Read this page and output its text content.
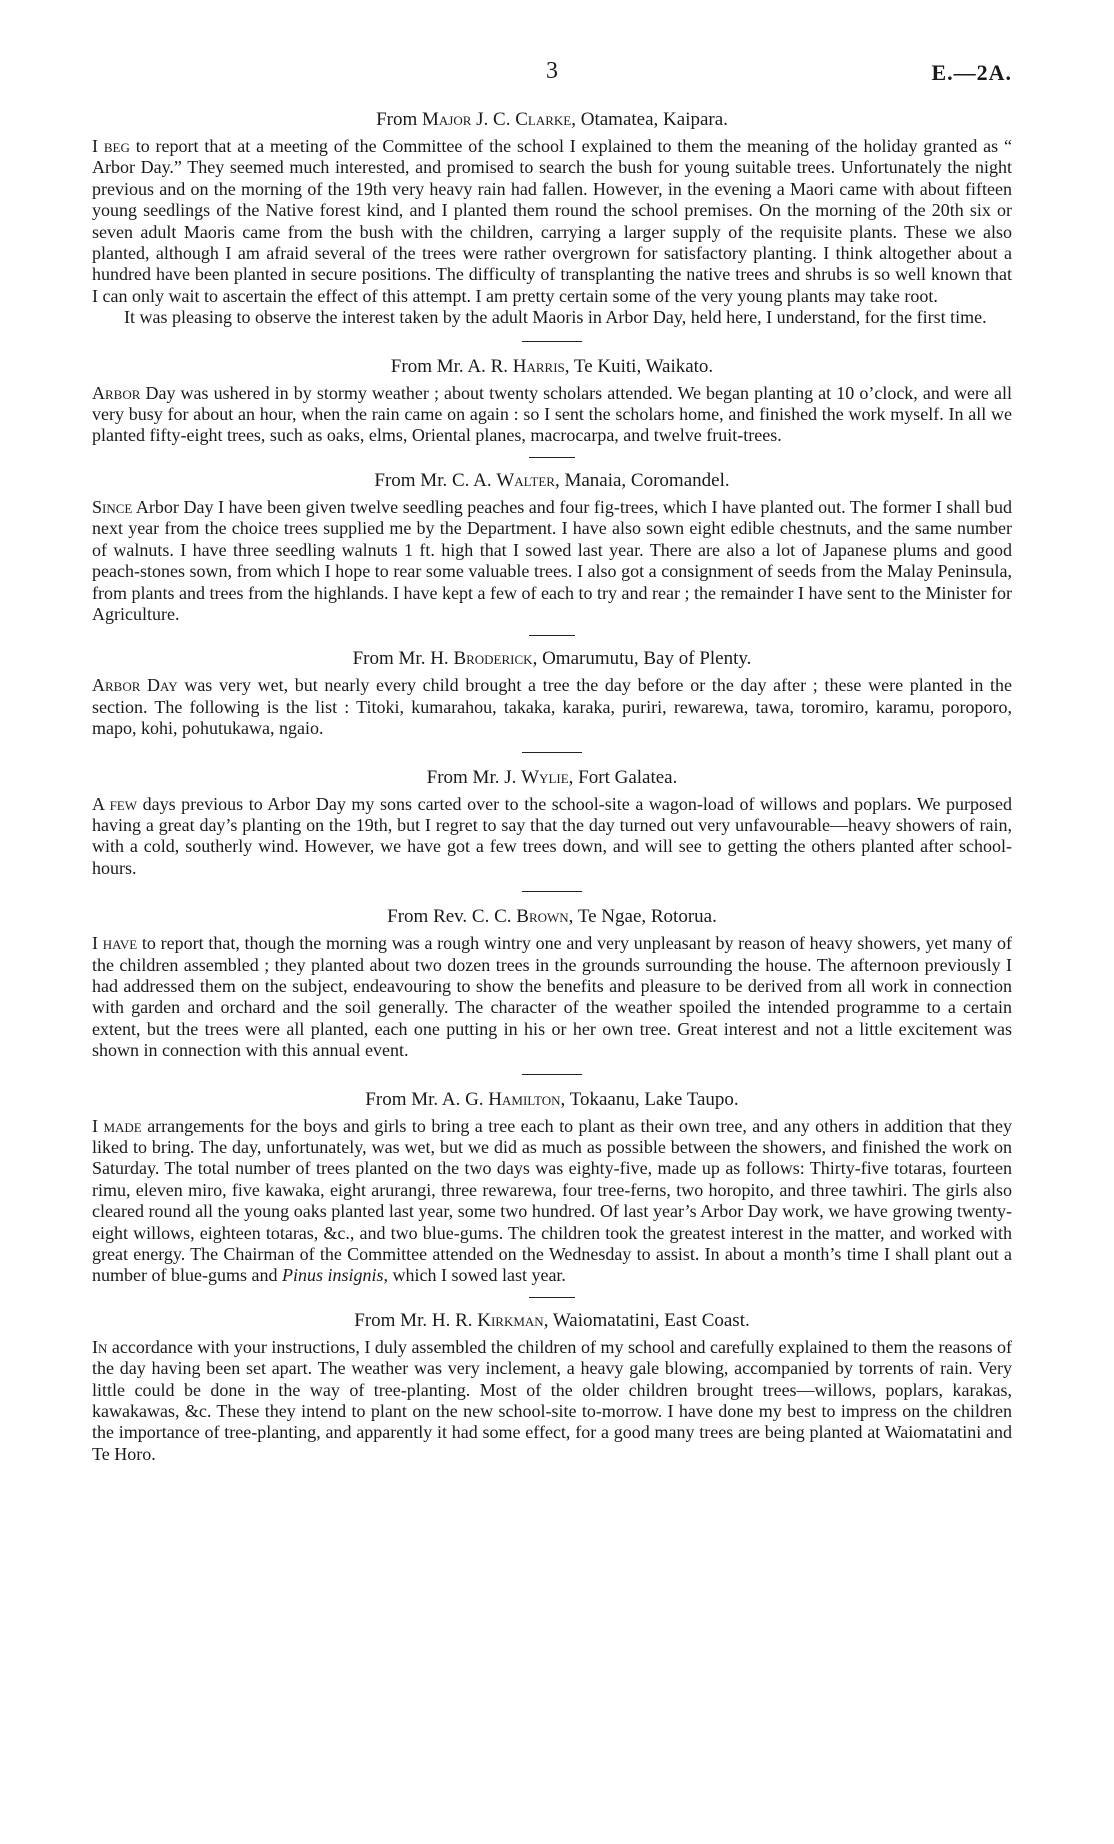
3	E.—2A.
From Major J. C. Clarke, Otamatea, Kaipara.

I beg to report that at a meeting of the Committee of the school I explained to them the meaning of the holiday granted as “ Arbor Day.” They seemed much interested, and promised to search the bush for young suitable trees. Unfortunately the night previous and on the morning of the 19th very heavy rain had fallen. However, in the evening a Maori came with about fifteen young seedlings of the Native forest kind, and I planted them round the school premises. On the morning of the 20th six or seven adult Maoris came from the bush with the children, carrying a larger supply of the requisite plants. These we also planted, although I am afraid several of the trees were rather overgrown for satisfactory planting. I think altogether about a hundred have been planted in secure positions. The difficulty of transplanting the native trees and shrubs is so well known that I can only wait to ascertain the effect of this attempt. I am pretty certain some of the very young plants may take root.

It was pleasing to observe the interest taken by the adult Maoris in Arbor Day, held here, I understand, for the first time.

From Mr. A. R. Harris, Te Kuiti, Waikato.

Arbor Day was ushered in by stormy weather ; about twenty scholars attended. We began planting at 10 o’clock, and were all very busy for about an hour, when the rain came on again : so I sent the scholars home, and finished the work myself. In all we planted fifty-eight trees, such as oaks, elms, Oriental planes, macrocarpa, and twelve fruit-trees.

From Mr. C. A. Walter, Manaia, Coromandel.

Since Arbor Day I have been given twelve seedling peaches and four fig-trees, which I have planted out. The former I shall bud next year from the choice trees supplied me by the Department. I have also sown eight edible chestnuts, and the same number of walnuts. I have three seedling walnuts 1 ft. high that I sowed last year. There are also a lot of Japanese plums and good peach-stones sown, from which I hope to rear some valuable trees. I also got a consignment of seeds from the Malay Peninsula, from plants and trees from the highlands. I have kept a few of each to try and rear ; the remainder I have sent to the Minister for Agriculture.

From Mr. H. Broderick, Omarumutu, Bay of Plenty.

Arbor Day was very wet, but nearly every child brought a tree the day before or the day after ; these were planted in the section. The following is the list : Titoki, kumarahou, takaka, karaka, puriri, rewarewa, tawa, toromiro, karamu, poroporo, mapo, kohi, pohutukawa, ngaio.

From Mr. J. Wylie, Fort Galatea.

A few days previous to Arbor Day my sons carted over to the school-site a wagon-load of willows and poplars. We purposed having a great day’s planting on the 19th, but I regret to say that the day turned out very unfavourable—heavy showers of rain, with a cold, southerly wind. However, we have got a few trees down, and will see to getting the others planted after school-hours.

From Rev. C. C. Brown, Te Ngae, Rotorua.

I have to report that, though the morning was a rough wintry one and very unpleasant by reason of heavy showers, yet many of the children assembled ; they planted about two dozen trees in the grounds surrounding the house. The afternoon previously I had addressed them on the subject, endeavouring to show the benefits and pleasure to be derived from all work in connection with garden and orchard and the soil generally. The character of the weather spoiled the intended programme to a certain extent, but the trees were all planted, each one putting in his or her own tree. Great interest and not a little excitement was shown in connection with this annual event.

From Mr. A. G. Hamilton, Tokaanu, Lake Taupo.

I made arrangements for the boys and girls to bring a tree each to plant as their own tree, and any others in addition that they liked to bring. The day, unfortunately, was wet, but we did as much as possible between the showers, and finished the work on Saturday. The total number of trees planted on the two days was eighty-five, made up as follows: Thirty-five totaras, fourteen rimu, eleven miro, five kawaka, eight arurangi, three rewarewa, four tree-ferns, two horopito, and three tawhiri. The girls also cleared round all the young oaks planted last year, some two hundred. Of last year’s Arbor Day work, we have growing twenty-eight willows, eighteen totaras, &c., and two blue-gums. The children took the greatest interest in the matter, and worked with great energy. The Chairman of the Committee attended on the Wednesday to assist. In about a month’s time I shall plant out a number of blue-gums and Pinus insignis, which I sowed last year.

From Mr. H. R. Kirkman, Waiomatatini, East Coast.

In accordance with your instructions, I duly assembled the children of my school and carefully explained to them the reasons of the day having been set apart. The weather was very inclement, a heavy gale blowing, accompanied by torrents of rain. Very little could be done in the way of tree-planting. Most of the older children brought trees—willows, poplars, karakas, kawakawas, &c. These they intend to plant on the new school-site to-morrow. I have done my best to impress on the children the importance of tree-planting, and apparently it had some effect, for a good many trees are being planted at Waiomatatini and Te Horo.
